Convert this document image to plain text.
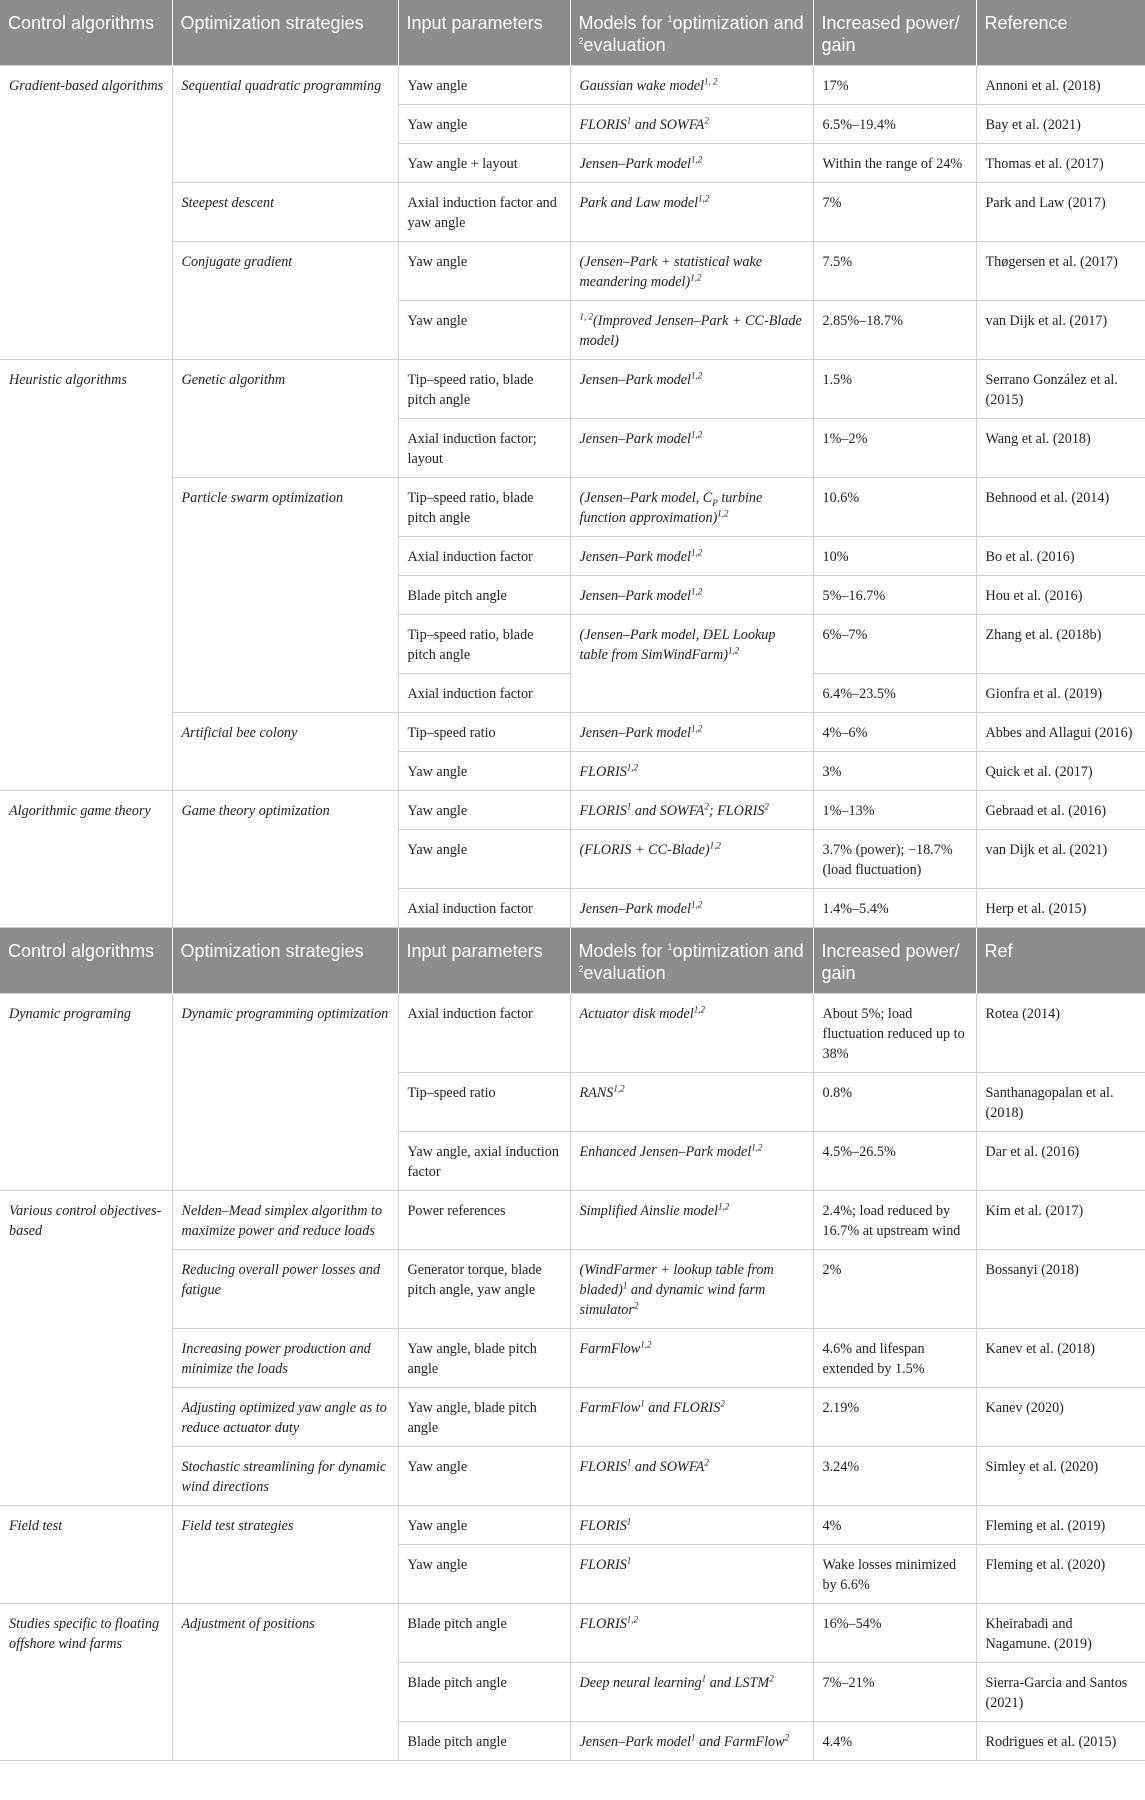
Control algorithms	Optimization strategies	Input parameters	Models for $^1$optimization and $^2$evaluation	Increased power/ gain	Reference
Gradient-based algorithms	Sequential quadratic programming	Yaw angle	Gaussian wake model$^{1, 2}$	17%	Annoni et al. (2018)
		Yaw angle	FLORIS$^1$ and SOWFA$^2$	6.5%–19.4%	Bay et al. (2021)
		Yaw angle + layout	Jensen–Park model$^{1,2}$	Within the range of 24%	Thomas et al. (2017)
	Steepest descent	Axial induction factor and yaw angle	Park and Law model$^{1,2}$	7%	Park and Law (2017)
	Conjugate gradient	Yaw angle	(Jensen–Park + statistical wake meandering model)$^{1,2}$	7.5%	Thøgersen et al. (2017)
		Yaw angle	$^{1, 2}$(Improved Jensen–Park + CC-Blade model)	2.85%–18.7%	van Dijk et al. (2017)
Heuristic algorithms	Genetic algorithm	Tip–speed ratio, blade pitch angle	Jensen–Park model$^{1,2}$	1.5%	Serrano González et al. (2015)
		Axial induction factor; layout	Jensen–Park model$^{1,2}$	1%–2%	Wang et al. (2018)
	Particle swarm optimization	Tip–speed ratio, blade pitch angle	(Jensen–Park model, $C_P$ turbine function approximation)$^{1,2}$	10.6%	Behnood et al. (2014)
		Axial induction factor	Jensen–Park model$^{1,2}$	10%	Bo et al. (2016)
		Blade pitch angle	Jensen–Park model$^{1,2}$	5%–16.7%	Hou et al. (2016)
		Tip–speed ratio, blade pitch angle	(Jensen–Park model, DEL Lookup table from SimWindFarm)$^{1,2}$	6%–7%	Zhang et al. (2018b)
		Axial induction factor		6.4%–23.5%	Gionfra et al. (2019)
	Artificial bee colony	Tip–speed ratio	Jensen–Park model$^{1,2}$	4%–6%	Abbes and Allagui (2016)
		Yaw angle	FLORIS$^{1,2}$	3%	Quick et al. (2017)
Algorithmic game theory	Game theory optimization	Yaw angle	FLORIS$^1$ and SOWFA$^2$; FLORIS$^2$	1%–13%	Gebraad et al. (2016)
		Yaw angle	(FLORIS + CC-Blade)$^{1,2}$	3.7% (power); −18.7% (load fluctuation)	van Dijk et al. (2021)
		Axial induction factor	Jensen–Park model$^{1,2}$	1.4%–5.4%	Herp et al. (2015)
Control algorithms	Optimization strategies	Input parameters	Models for $^1$optimization and $^2$evaluation	Increased power/ gain	Ref
Dynamic programing	Dynamic programming optimization	Axial induction factor	Actuator disk model$^{1,2}$	About 5%; load fluctuation reduced up to 38%	Rotea (2014)
		Tip–speed ratio	RANS$^{1,2}$	0.8%	Santhanagopalan et al. (2018)
		Yaw angle, axial induction factor	Enhanced Jensen–Park model$^{1,2}$	4.5%–26.5%	Dar et al. (2016)
Various control objectives-based	Nelden–Mead simplex algorithm to maximize power and reduce loads	Power references	Simplified Ainslie model$^{1,2}$	2.4%; load reduced by 16.7% at upstream wind	Kim et al. (2017)
	Reducing overall power losses and fatigue	Generator torque, blade pitch angle, yaw angle	(WindFarmer + lookup table from bladed)$^1$ and dynamic wind farm simulator$^2$	2%	Bossanyi (2018)
	Increasing power production and minimize the loads	Yaw angle, blade pitch angle	FarmFlow$^{1,2}$	4.6% and lifespan extended by 1.5%	Kanev et al. (2018)
	Adjusting optimized yaw angle as to reduce actuator duty	Yaw angle, blade pitch angle	FarmFlow$^1$ and FLORIS$^2$	2.19%	Kanev (2020)
	Stochastic streamlining for dynamic wind directions	Yaw angle	FLORIS$^1$ and SOWFA$^2$	3.24%	Simley et al. (2020)
Field test	Field test strategies	Yaw angle	FLORIS$^1$	4%	Fleming et al. (2019)
		Yaw angle	FLORIS$^1$	Wake losses minimized by 6.6%	Fleming et al. (2020)
Studies specific to floating offshore wind farms	Adjustment of positions	Blade pitch angle	FLORIS$^{1,2}$	16%–54%	Kheirabadi and Nagamune. (2019)
		Blade pitch angle	Deep neural learning$^1$ and LSTM$^2$	7%–21%	Sierra-Garcia and Santos (2021)
		Blade pitch angle	Jensen–Park model$^1$ and FarmFlow$^2$	4.4%	Rodrigues et al. (2015)
